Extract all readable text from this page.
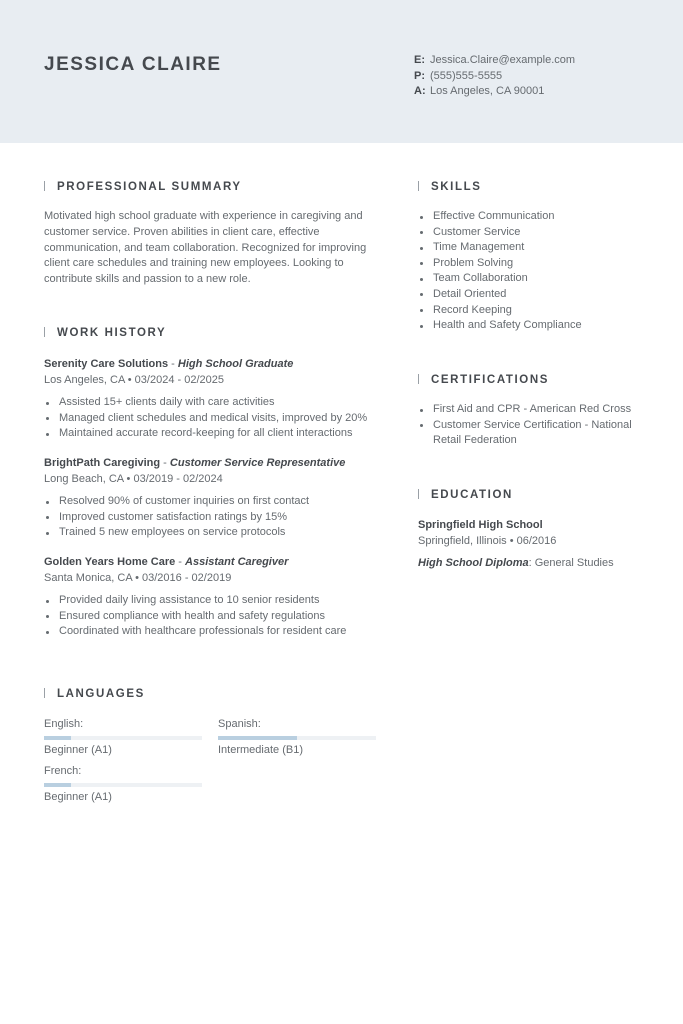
JESSICA CLAIRE	E: Jessica.Claire@example.com
P: (555)555-5555
A: Los Angeles, CA 90001
PROFESSIONAL SUMMARY

Motivated high school graduate with experience in caregiving and customer service. Proven abilities in client care, effective communication, and team collaboration. Recognized for improving client care schedules and training new employees. Looking to contribute skills and passion to a new role.

WORK HISTORY
Serenity Care Solutions - High School Graduate
Los Angeles, CA • 03/2024 - 02/2025
Assisted 15+ clients daily with care activities
Managed client schedules and medical visits, improved by 20%
Maintained accurate record-keeping for all client interactions
BrightPath Caregiving - Customer Service Representative
Long Beach, CA • 03/2019 - 02/2024
Resolved 90% of customer inquiries on first contact
Improved customer satisfaction ratings by 15%
Trained 5 new employees on service protocols
Golden Years Home Care - Assistant Caregiver
Santa Monica, CA • 03/2016 - 02/2019
Provided daily living assistance to 10 senior residents
Ensured compliance with health and safety regulations
Coordinated with healthcare professionals for resident care
LANGUAGES
English:
Beginner (A1)
Spanish:
Intermediate (B1)
French:
Beginner (A1)
SKILLS
Effective Communication
Customer Service
Time Management
Problem Solving
Team Collaboration
Detail Oriented
Record Keeping
Health and Safety Compliance
CERTIFICATIONS
First Aid and CPR - American Red Cross
Customer Service Certification - National Retail Federation
EDUCATION
Springfield High School
Springfield, Illinois • 06/2016
High School Diploma: General Studies
